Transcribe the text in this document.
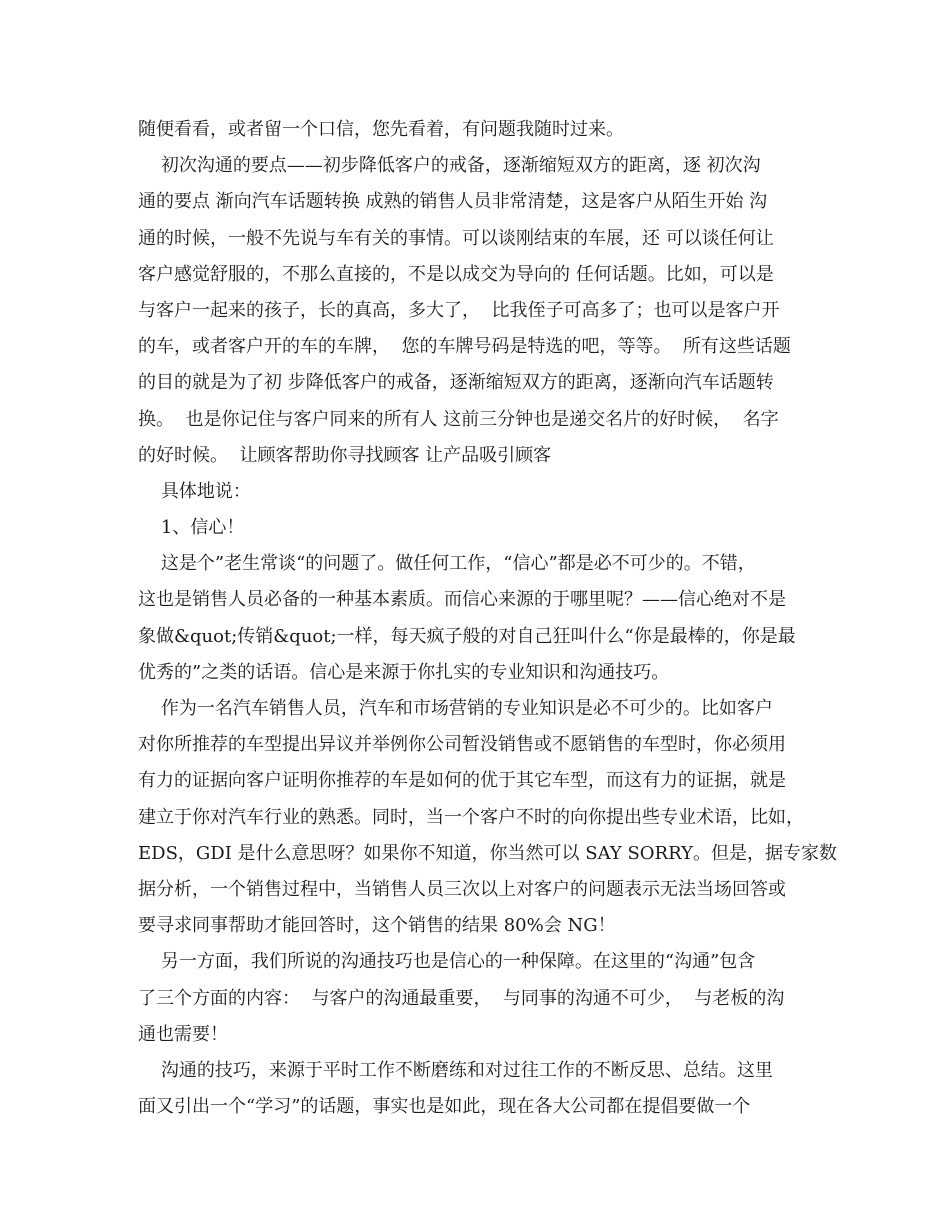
随便看看，或者留一个口信，您先看着，有问题我随时过来。
初次沟通的要点——初步降低客户的戒备，逐渐缩短双方的距离，逐 初次沟
通的要点 渐向汽车话题转换 成熟的销售人员非常清楚，这是客户从陌生开始 沟
通的时候，一般不先说与车有关的事情。可以谈刚结束的车展，还 可以谈任何让
客户感觉舒服的，不那么直接的，不是以成交为导向的 任何话题。比如，可以是
与客户一起来的孩子，长的真高，多大了，  比我侄子可高多了；也可以是客户开
的车，或者客户开的车的车牌，  您的车牌号码是特选的吧，等等。  所有这些话题
的目的就是为了初 步降低客户的戒备，逐渐缩短双方的距离，逐渐向汽车话题转
换。  也是你记住与客户同来的所有人 这前三分钟也是递交名片的好时候，  名字
的好时候。  让顾客帮助你寻找顾客 让产品吸引顾客
具体地说：
1、信心！
这是个”老生常谈“的问题了。做任何工作，“信心”都是必不可少的。不错，
这也是销售人员必备的一种基本素质。而信心来源的于哪里呢？——信心绝对不是
象做&quot;传销&quot;一样，每天疯子般的对自己狂叫什么“你是最棒的，你是最
优秀的”之类的话语。信心是来源于你扎实的专业知识和沟通技巧。
作为一名汽车销售人员，汽车和市场营销的专业知识是必不可少的。比如客户
对你所推荐的车型提出异议并举例你公司暂没销售或不愿销售的车型时，你必须用
有力的证据向客户证明你推荐的车是如何的优于其它车型，而这有力的证据，就是
建立于你对汽车行业的熟悉。同时，当一个客户不时的向你提出些专业术语，比如，
EDS，GDI 是什么意思呀？如果你不知道，你当然可以 SAY SORRY。但是，据专家数
据分析，一个销售过程中，当销售人员三次以上对客户的问题表示无法当场回答或
要寻求同事帮助才能回答时，这个销售的结果 80%会 NG！
另一方面，我们所说的沟通技巧也是信心的一种保障。在这里的“沟通”包含
了三个方面的内容：  与客户的沟通最重要，  与同事的沟通不可少，  与老板的沟
通也需要！
沟通的技巧，来源于平时工作不断磨练和对过往工作的不断反思、总结。这里
面又引出一个“学习”的话题，事实也是如此，现在各大公司都在提倡要做一个
